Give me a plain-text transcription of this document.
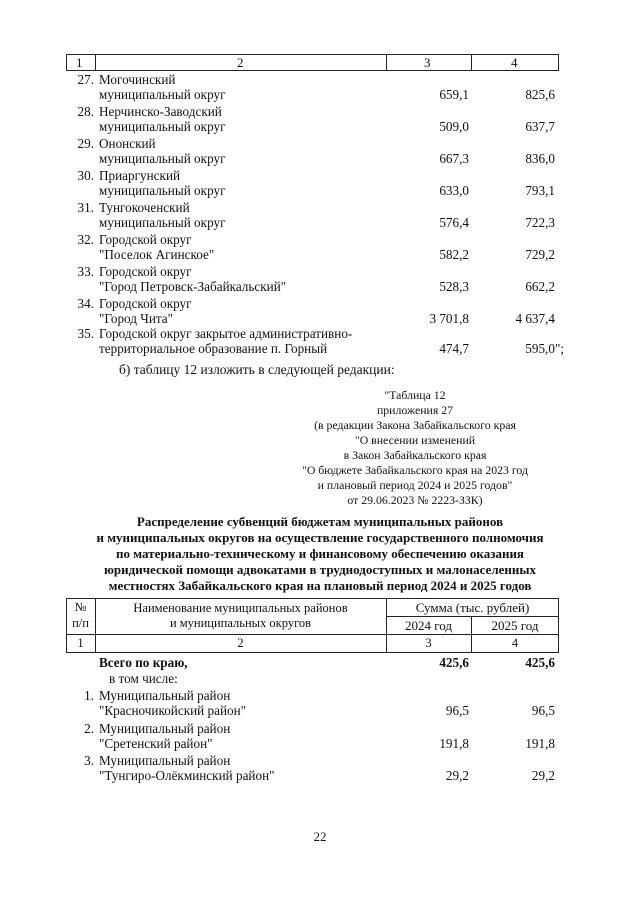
1	2	3	4
27. Могочинский
муниципальный округ	659,1	825,6
28. Нерчинско-Заводский
муниципальный округ	509,0	637,7
29. Ононский
муниципальный округ	667,3	836,0
30. Приаргунский
муниципальный округ	633,0	793,1
31. Тунгокоченский
муниципальный округ	576,4	722,3
32. Городской округ
"Поселок Агинское"	582,2	729,2
33. Городской округ
"Город Петровск-Забайкальский"	528,3	662,2
34. Городской округ
"Город Чита"	3 701,8	4 637,4
35. Городской округ закрытое административно-
территориальное образование п. Горный	474,7	595,0";
б) таблицу 12 изложить в следующей редакции:
"Таблица 12
приложения 27
(в редакции Закона Забайкальского края
"О внесении изменений
в Закон Забайкальского края
"О бюджете Забайкальского края на 2023 год
и плановый период 2024 и 2025 годов"
от 29.06.2023 № 2223-ЗЗК)
Распределение субвенций бюджетам муниципальных районов
и муниципальных округов на осуществление государственного полномочия
по материально-техническому и финансовому обеспечению оказания
юридической помощи адвокатами в труднодоступных и малонаселенных
местностях Забайкальского края на плановый период 2024 и 2025 годов
№
п/п
Наименование муниципальных районов
и муниципальных округов
Сумма (тыс. рублей)
2024 год	2025 год
1	2	3	4
Всего по краю,	425,6	425,6
в том числе:
1. Муниципальный район
"Красночикойский район"	96,5	96,5
2. Муниципальный район
"Сретенский район"	191,8	191,8
3. Муниципальный район
"Тунгиро-Олёкминский район"	29,2	29,2
22
